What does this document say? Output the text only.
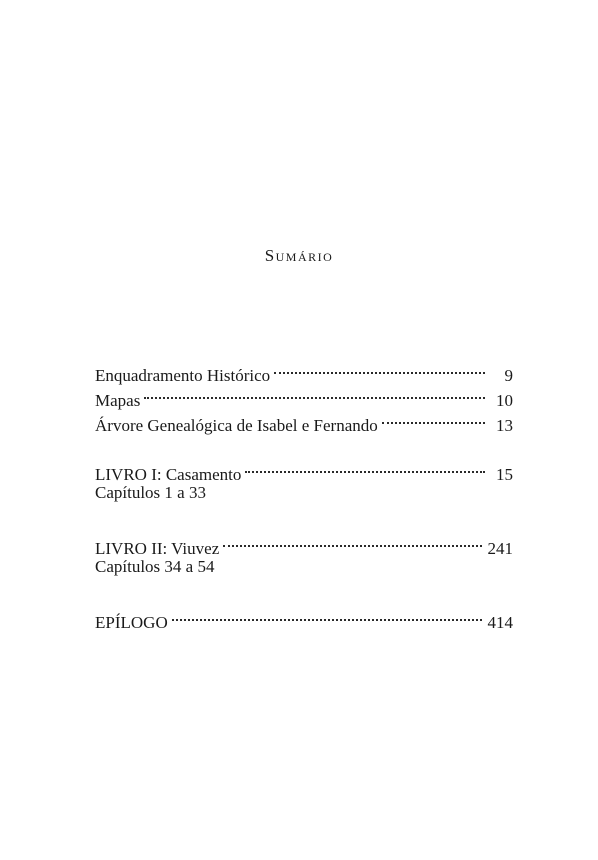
Sumário
Enquadramento Histórico	9
Mapas	10
Árvore Genealógica de Isabel e Fernando	13
LIVRO I: Casamento	15
Capítulos 1 a 33
LIVRO II: Viuvez	241
Capítulos 34 a 54
EPÍLOGO	414
